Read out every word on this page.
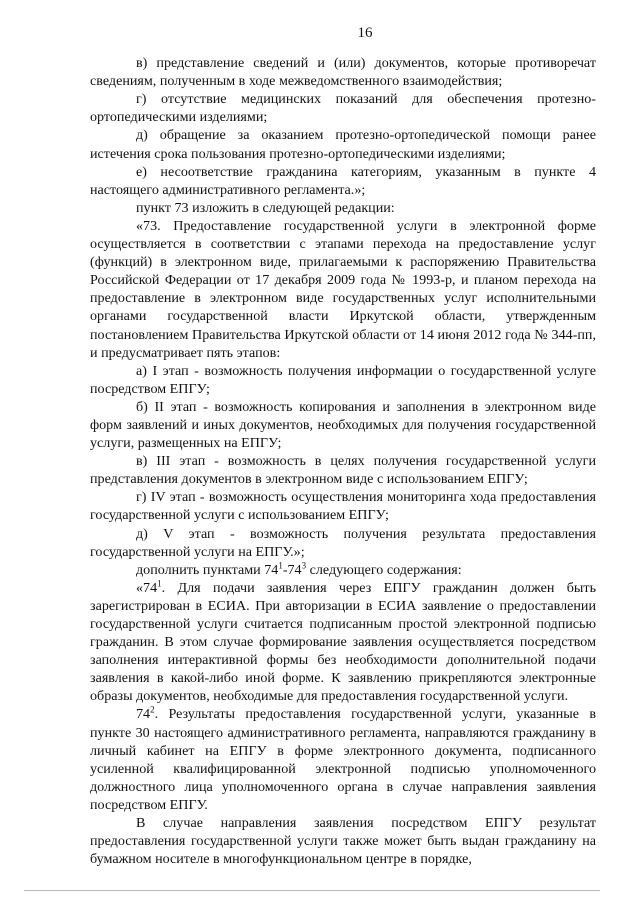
16

в) представление сведений и (или) документов, которые противоречат сведениям, полученным в ходе межведомственного взаимодействия;

г) отсутствие медицинских показаний для обеспечения протезно-ортопедическими изделиями;

д) обращение за оказанием протезно-ортопедической помощи ранее истечения срока пользования протезно-ортопедическими изделиями;

е) несоответствие гражданина категориям, указанным в пункте 4 настоящего административного регламента.»;

пункт 73 изложить в следующей редакции:

«73. Предоставление государственной услуги в электронной форме осуществляется в соответствии с этапами перехода на предоставление услуг (функций) в электронном виде, прилагаемыми к распоряжению Правительства Российской Федерации от 17 декабря 2009 года № 1993-р, и планом перехода на предоставление в электронном виде государственных услуг исполнительными органами государственной власти Иркутской области, утвержденным постановлением Правительства Иркутской области от 14 июня 2012 года № 344-пп, и предусматривает пять этапов:

а) I этап - возможность получения информации о государственной услуге посредством ЕПГУ;

б) II этап - возможность копирования и заполнения в электронном виде форм заявлений и иных документов, необходимых для получения государственной услуги, размещенных на ЕПГУ;

в) III этап - возможность в целях получения государственной услуги представления документов в электронном виде с использованием ЕПГУ;

г) IV этап - возможность осуществления мониторинга хода предоставления государственной услуги с использованием ЕПГУ;

д) V этап - возможность получения результата предоставления государственной услуги на ЕПГУ.»;

дополнить пунктами $74^1-74^3$ следующего содержания:

«$74^1$. Для подачи заявления через ЕПГУ гражданин должен быть зарегистрирован в ЕСИА. При авторизации в ЕСИА заявление о предоставлении государственной услуги считается подписанным простой электронной подписью гражданин. В этом случае формирование заявления осуществляется посредством заполнения интерактивной формы без необходимости дополнительной подачи заявления в какой-либо иной форме. К заявлению прикрепляются электронные образы документов, необходимые для предоставления государственной услуги.

$74^2$. Результаты предоставления государственной услуги, указанные в пункте 30 настоящего административного регламента, направляются гражданину в личный кабинет на ЕПГУ в форме электронного документа, подписанного усиленной квалифицированной электронной подписью уполномоченного должностного лица уполномоченного органа в случае направления заявления посредством ЕПГУ.

В случае направления заявления посредством ЕПГУ результат предоставления государственной услуги также может быть выдан гражданину на бумажном носителе в многофункциональном центре в порядке,
